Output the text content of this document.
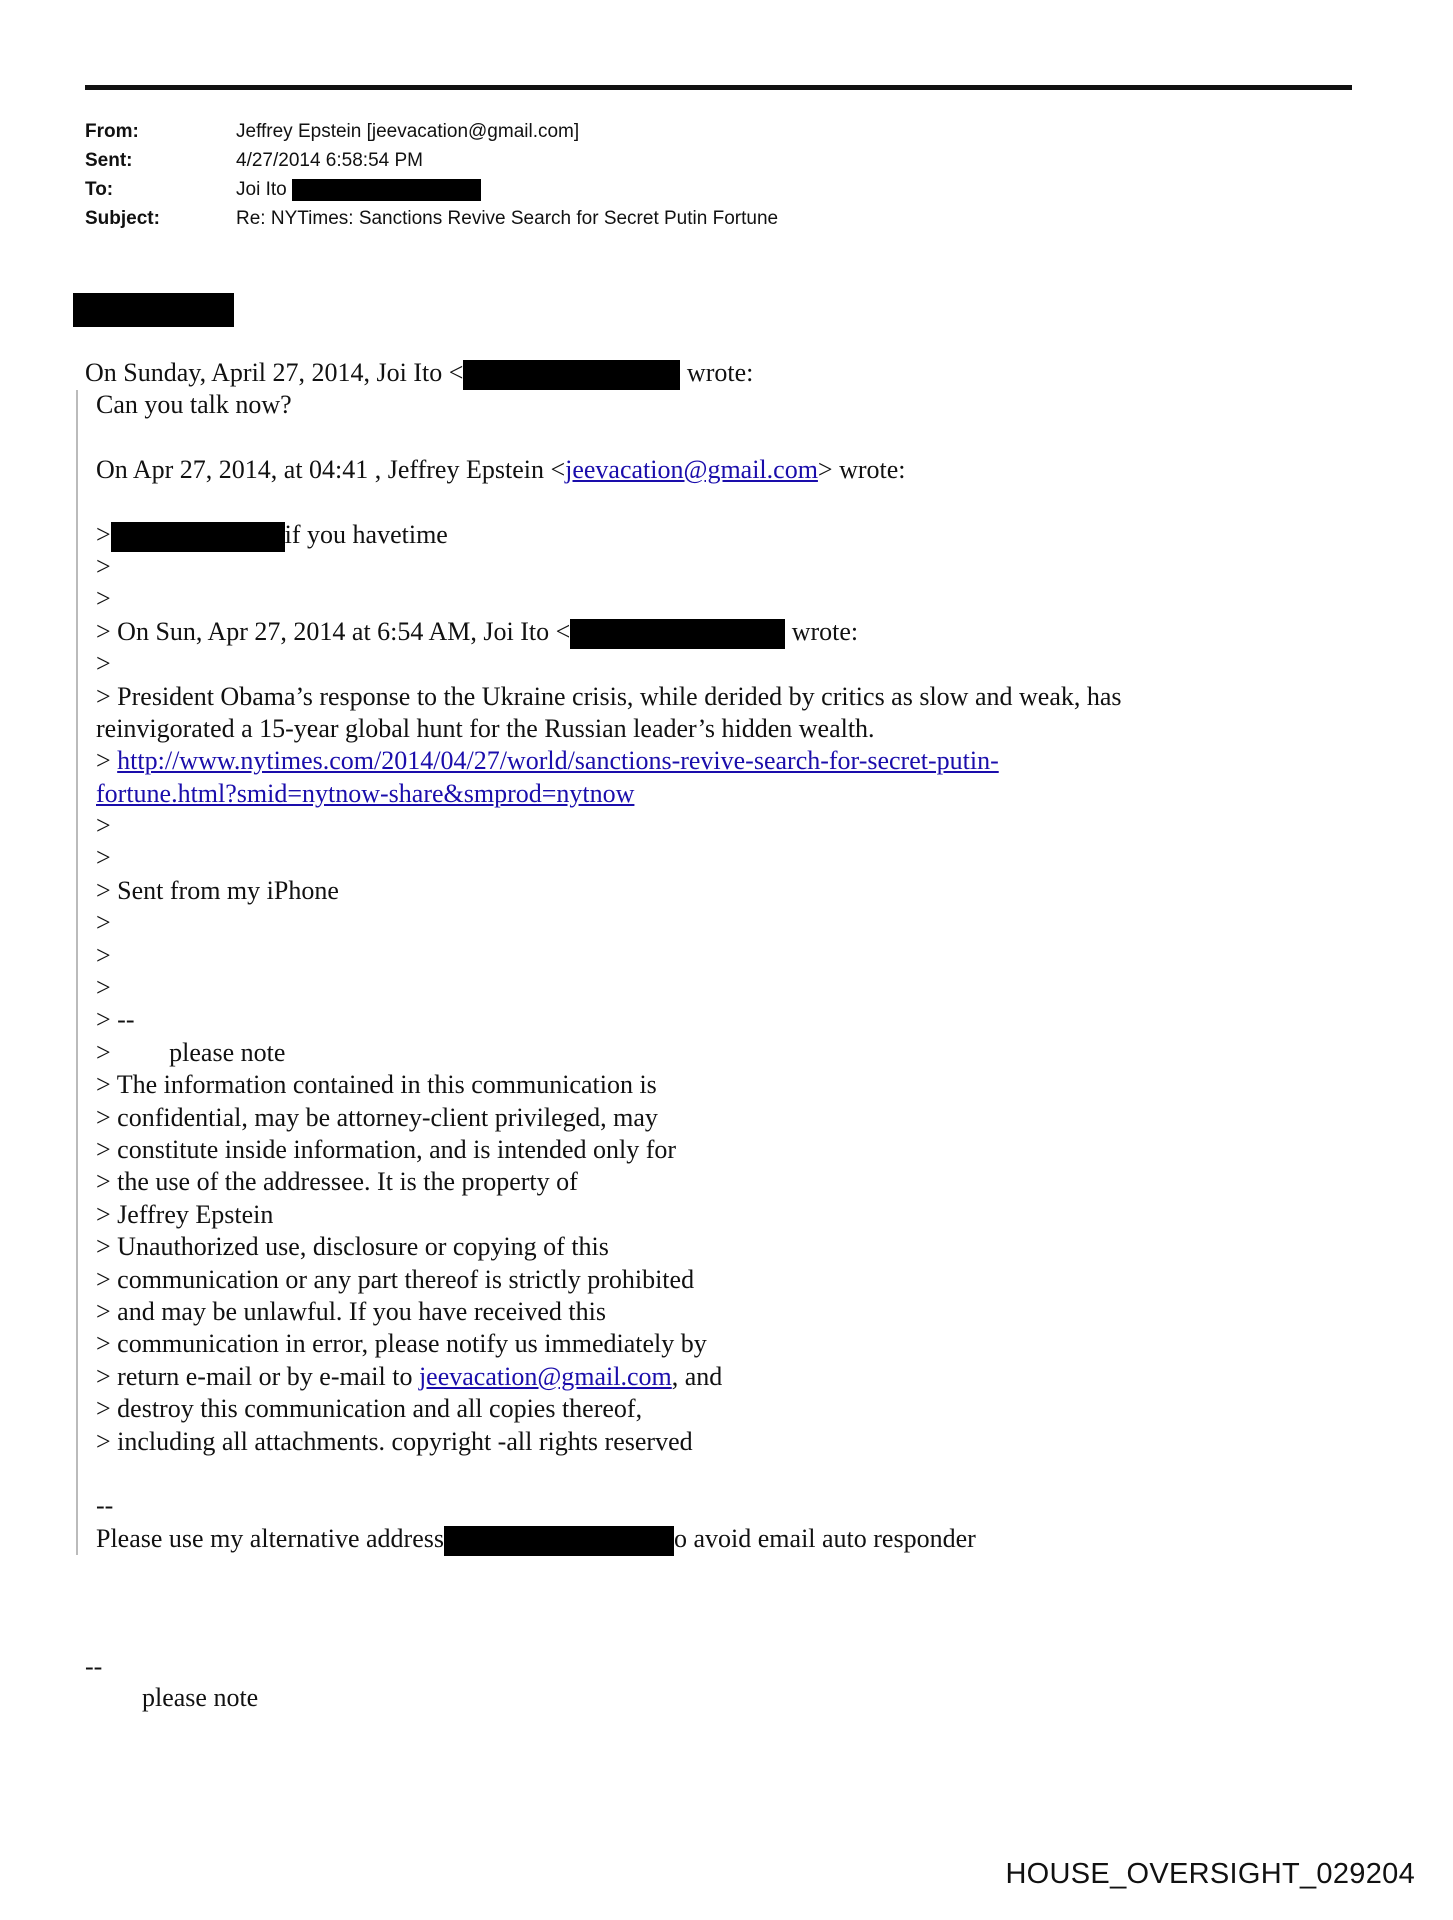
From:	Jeffrey Epstein [jeevacation@gmail.com]
Sent:	4/27/2014 6:58:54 PM
To:	Joi Ito
Subject:	Re: NYTimes: Sanctions Revive Search for Secret Putin Fortune
On Sunday, April 27, 2014, Joi Ito <	wrote:
Can you talk now?
On Apr 27, 2014, at 04:41 , Jeffrey Epstein <jeevacation@gmail.com> wrote:
>	if you havetime
>
>
> On Sun, Apr 27, 2014 at 6:54 AM, Joi Ito <	wrote:
>
> President Obama’s response to the Ukraine crisis, while derided by critics as slow and weak, has
reinvigorated a 15-year global hunt for the Russian leader’s hidden wealth.
> http://www.nytimes.com/2014/04/27/world/sanctions-revive-search-for-secret-putin-
fortune.html?smid=nytnow-share&smprod=nytnow
>
>
> Sent from my iPhone
>
>
>
> --
>         please note
> The information contained in this communication is
> confidential, may be attorney-client privileged, may
> constitute inside information, and is intended only for
> the use of the addressee. It is the property of
> Jeffrey Epstein
> Unauthorized use, disclosure or copying of this
> communication or any part thereof is strictly prohibited
> and may be unlawful. If you have received this
> communication in error, please notify us immediately by
> return e-mail or by e-mail to jeevacation@gmail.com, and
> destroy this communication and all copies thereof,
> including all attachments. copyright -all rights reserved
--
Please use my alternative address	o avoid email auto responder
--
please note
HOUSE_OVERSIGHT_029204
